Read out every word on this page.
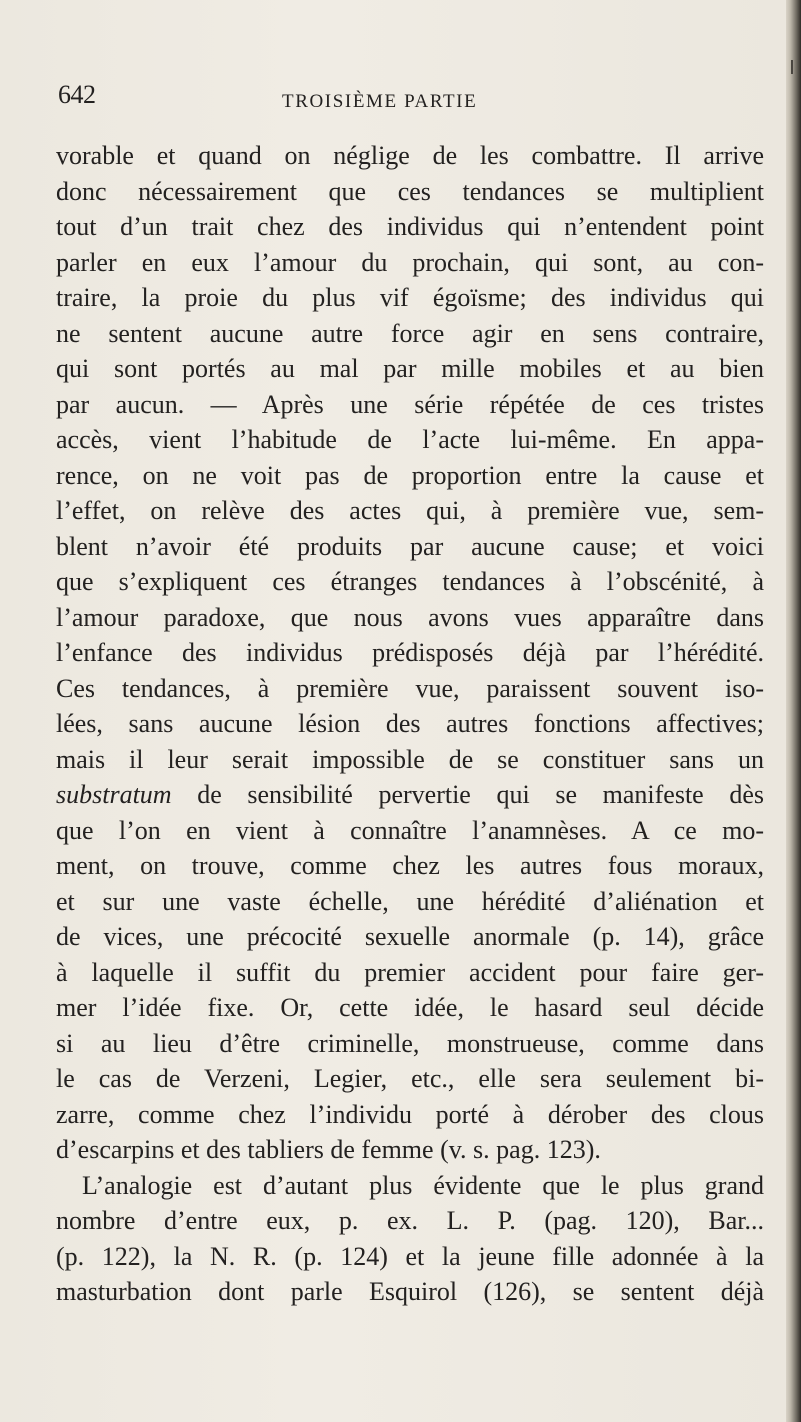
642	TROISIÈME PARTIE
vorable et quand on néglige de les combattre. Il arrive
donc nécessairement que ces tendances se multiplient
tout d’un trait chez des individus qui n’entendent point
parler en eux l’amour du prochain, qui sont, au con-
traire, la proie du plus vif égoïsme; des individus qui
ne sentent aucune autre force agir en sens contraire,
qui sont portés au mal par mille mobiles et au bien
par aucun. — Après une série répétée de ces tristes
accès, vient l’habitude de l’acte lui-même. En appa-
rence, on ne voit pas de proportion entre la cause et
l’effet, on relève des actes qui, à première vue, sem-
blent n’avoir été produits par aucune cause; et voici
que s’expliquent ces étranges tendances à l’obscénité, à
l’amour paradoxe, que nous avons vues apparaître dans
l’enfance des individus prédisposés déjà par l’hérédité.
Ces tendances, à première vue, paraissent souvent iso-
lées, sans aucune lésion des autres fonctions affectives;
mais il leur serait impossible de se constituer sans un
substratum de sensibilité pervertie qui se manifeste dès
que l’on en vient à connaître l’anamnèses. A ce mo-
ment, on trouve, comme chez les autres fous moraux,
et sur une vaste échelle, une hérédité d’aliénation et
de vices, une précocité sexuelle anormale (p. 14), grâce
à laquelle il suffit du premier accident pour faire ger-
mer l’idée fixe. Or, cette idée, le hasard seul décide
si au lieu d’être criminelle, monstrueuse, comme dans
le cas de Verzeni, Legier, etc., elle sera seulement bi-
zarre, comme chez l’individu porté à dérober des clous
d’escarpins et des tabliers de femme (v. s. pag. 123).
L’analogie est d’autant plus évidente que le plus grand
nombre d’entre eux, p. ex. L. P. (pag. 120), Bar...
(p. 122), la N. R. (p. 124) et la jeune fille adonnée à la
masturbation dont parle Esquirol (126), se sentent déjà
